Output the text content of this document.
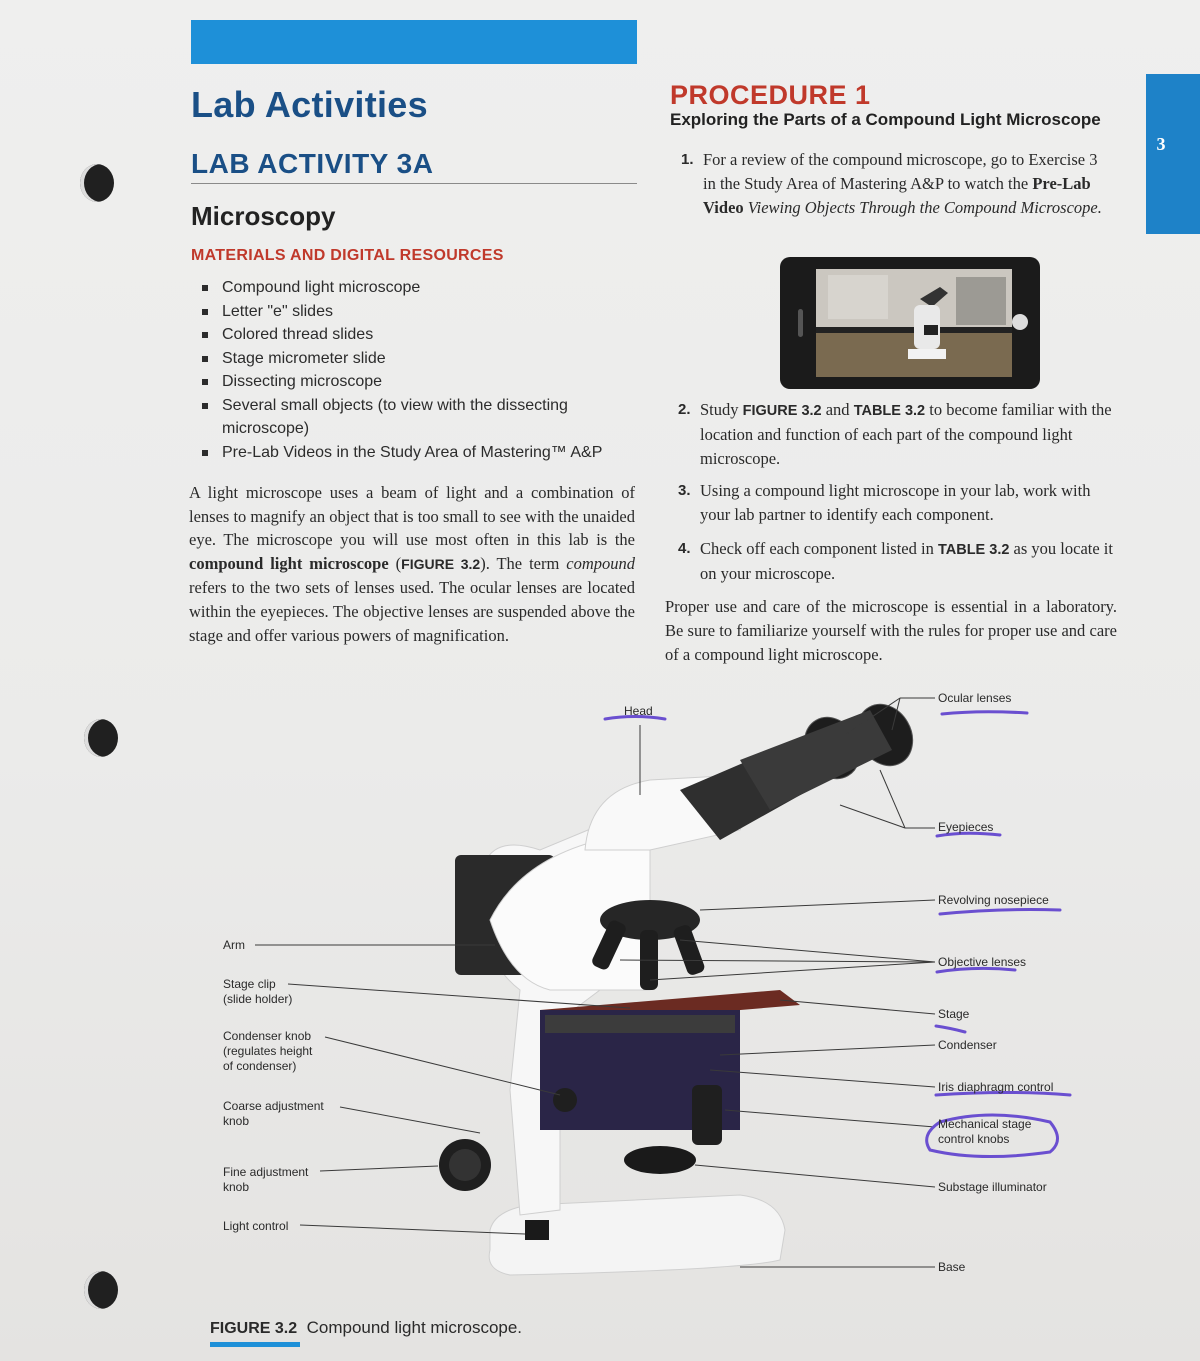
3
Lab Activities
LAB ACTIVITY 3A
Microscopy
MATERIALS AND DIGITAL RESOURCES
Compound light microscope
Letter "e" slides
Colored thread slides
Stage micrometer slide
Dissecting microscope
Several small objects (to view with the dissecting microscope)
Pre-Lab Videos in the Study Area of Mastering™ A&P

A light microscope uses a beam of light and a combination of lenses to magnify an object that is too small to see with the unaided eye. The microscope you will use most often in this lab is the compound light microscope (FIGURE 3.2). The term compound refers to the two sets of lenses used. The ocular lenses are located within the eyepieces. The objective lenses are suspended above the stage and offer various powers of magnification.

PROCEDURE 1
Exploring the Parts of a Compound Light Microscope

1. For a review of the compound microscope, go to Exercise 3 in the Study Area of Mastering A&P to watch the Pre-Lab Video Viewing Objects Through the Compound Microscope.

2. Study FIGURE 3.2 and TABLE 3.2 to become familiar with the location and function of each part of the compound light microscope.

3. Using a compound light microscope in your lab, work with your lab partner to identify each component.

4. Check off each component listed in TABLE 3.2 as you locate it on your microscope.

Proper use and care of the microscope is essential in a laboratory. Be sure to familiarize yourself with the rules for proper use and care of a compound light microscope.

Arm
Stage clip
(slide holder)
Condenser knob
(regulates height
of condenser)
Coarse adjustment
knob
Fine adjustment
knob
Light control
Head
Ocular lenses
Eyepieces
Revolving nosepiece
Objective lenses
Stage
Condenser
Iris diaphragm control
Mechanical stage
control knobs
Substage illuminator
Base
FIGURE 3.2 Compound light microscope.
